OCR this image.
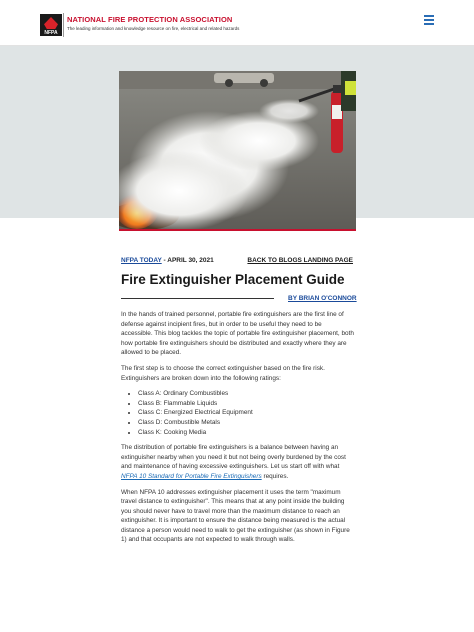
NFPA
NATIONAL FIRE PROTECTION ASSOCIATION
The leading information and knowledge resource on fire, electrical and related hazards
NFPA TODAY - APRIL 30, 2021	BACK TO BLOGS LANDING PAGE
Fire Extinguisher Placement Guide
BY BRIAN O'CONNOR

In the hands of trained personnel, portable fire extinguishers are the first line of defense against incipient fires, but in order to be useful they need to be accessible. This blog tackles the topic of portable fire extinguisher placement, both how portable fire extinguishers should be distributed and exactly where they are allowed to be placed.

The first step is to choose the correct extinguisher based on the fire risk. Extinguishers are broken down into the following ratings:

• Class A: Ordinary Combustibles
• Class B: Flammable Liquids
• Class C: Energized Electrical Equipment
• Class D: Combustible Metals
• Class K: Cooking Media

The distribution of portable fire extinguishers is a balance between having an extinguisher nearby when you need it but not being overly burdened by the cost and maintenance of having excessive extinguishers. Let us start off with what NFPA 10 Standard for Portable Fire Extinguishers requires.

When NFPA 10 addresses extinguisher placement it uses the term "maximum travel distance to extinguisher". This means that at any point inside the building you should never have to travel more than the maximum distance to reach an extinguisher. It is important to ensure the distance being measured is the actual distance a person would need to walk to get the extinguisher (as shown in Figure 1) and that occupants are not expected to walk through walls.
